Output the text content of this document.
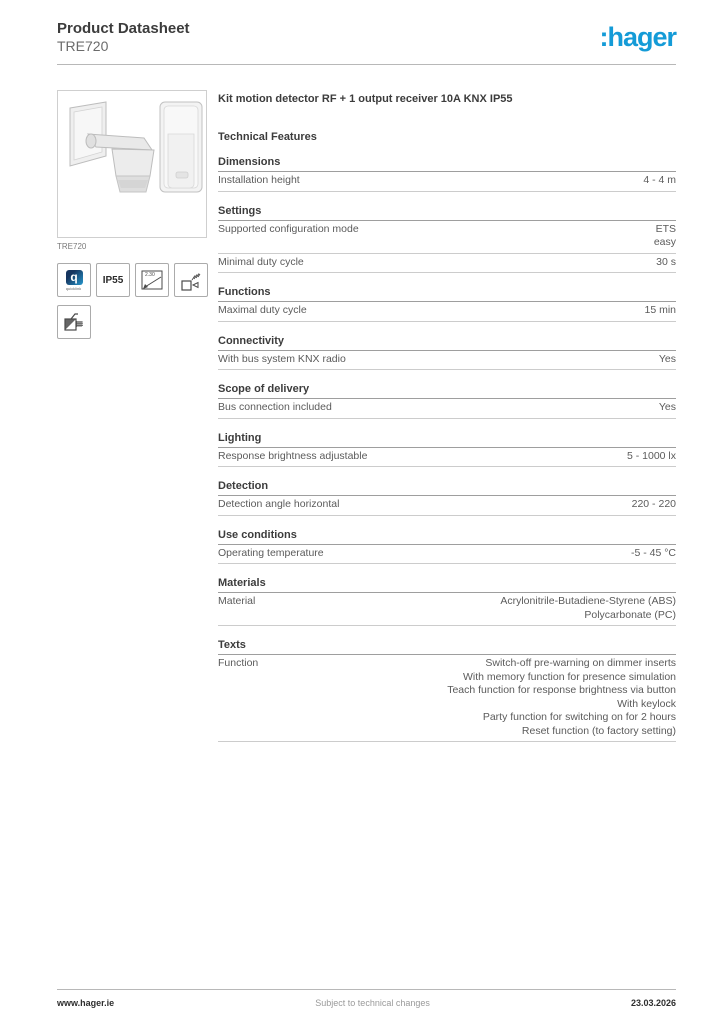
Product Datasheet
TRE720	:hager
TRE720
q
quicklink
IP55	2.30
Kit motion detector RF + 1 output receiver 10A KNX IP55
Technical Features
Dimensions
Installation height	4 - 4 m
Settings
Supported configuration mode	ETS
easy
Minimal duty cycle	30 s
Functions
Maximal duty cycle	15 min
Connectivity
With bus system KNX radio	Yes
Scope of delivery
Bus connection included	Yes
Lighting
Response brightness adjustable	5 - 1000 lx
Detection
Detection angle horizontal	220 - 220
Use conditions
Operating temperature	-5 - 45 °C
Materials
Material	Acrylonitrile-Butadiene-Styrene (ABS)
Polycarbonate (PC)
Texts
Function	Switch-off pre-warning on dimmer inserts
With memory function for presence simulation
Teach function for response brightness via button
With keylock
Party function for switching on for 2 hours
Reset function (to factory setting)
www.hager.ie	Subject to technical changes	23.03.2026
